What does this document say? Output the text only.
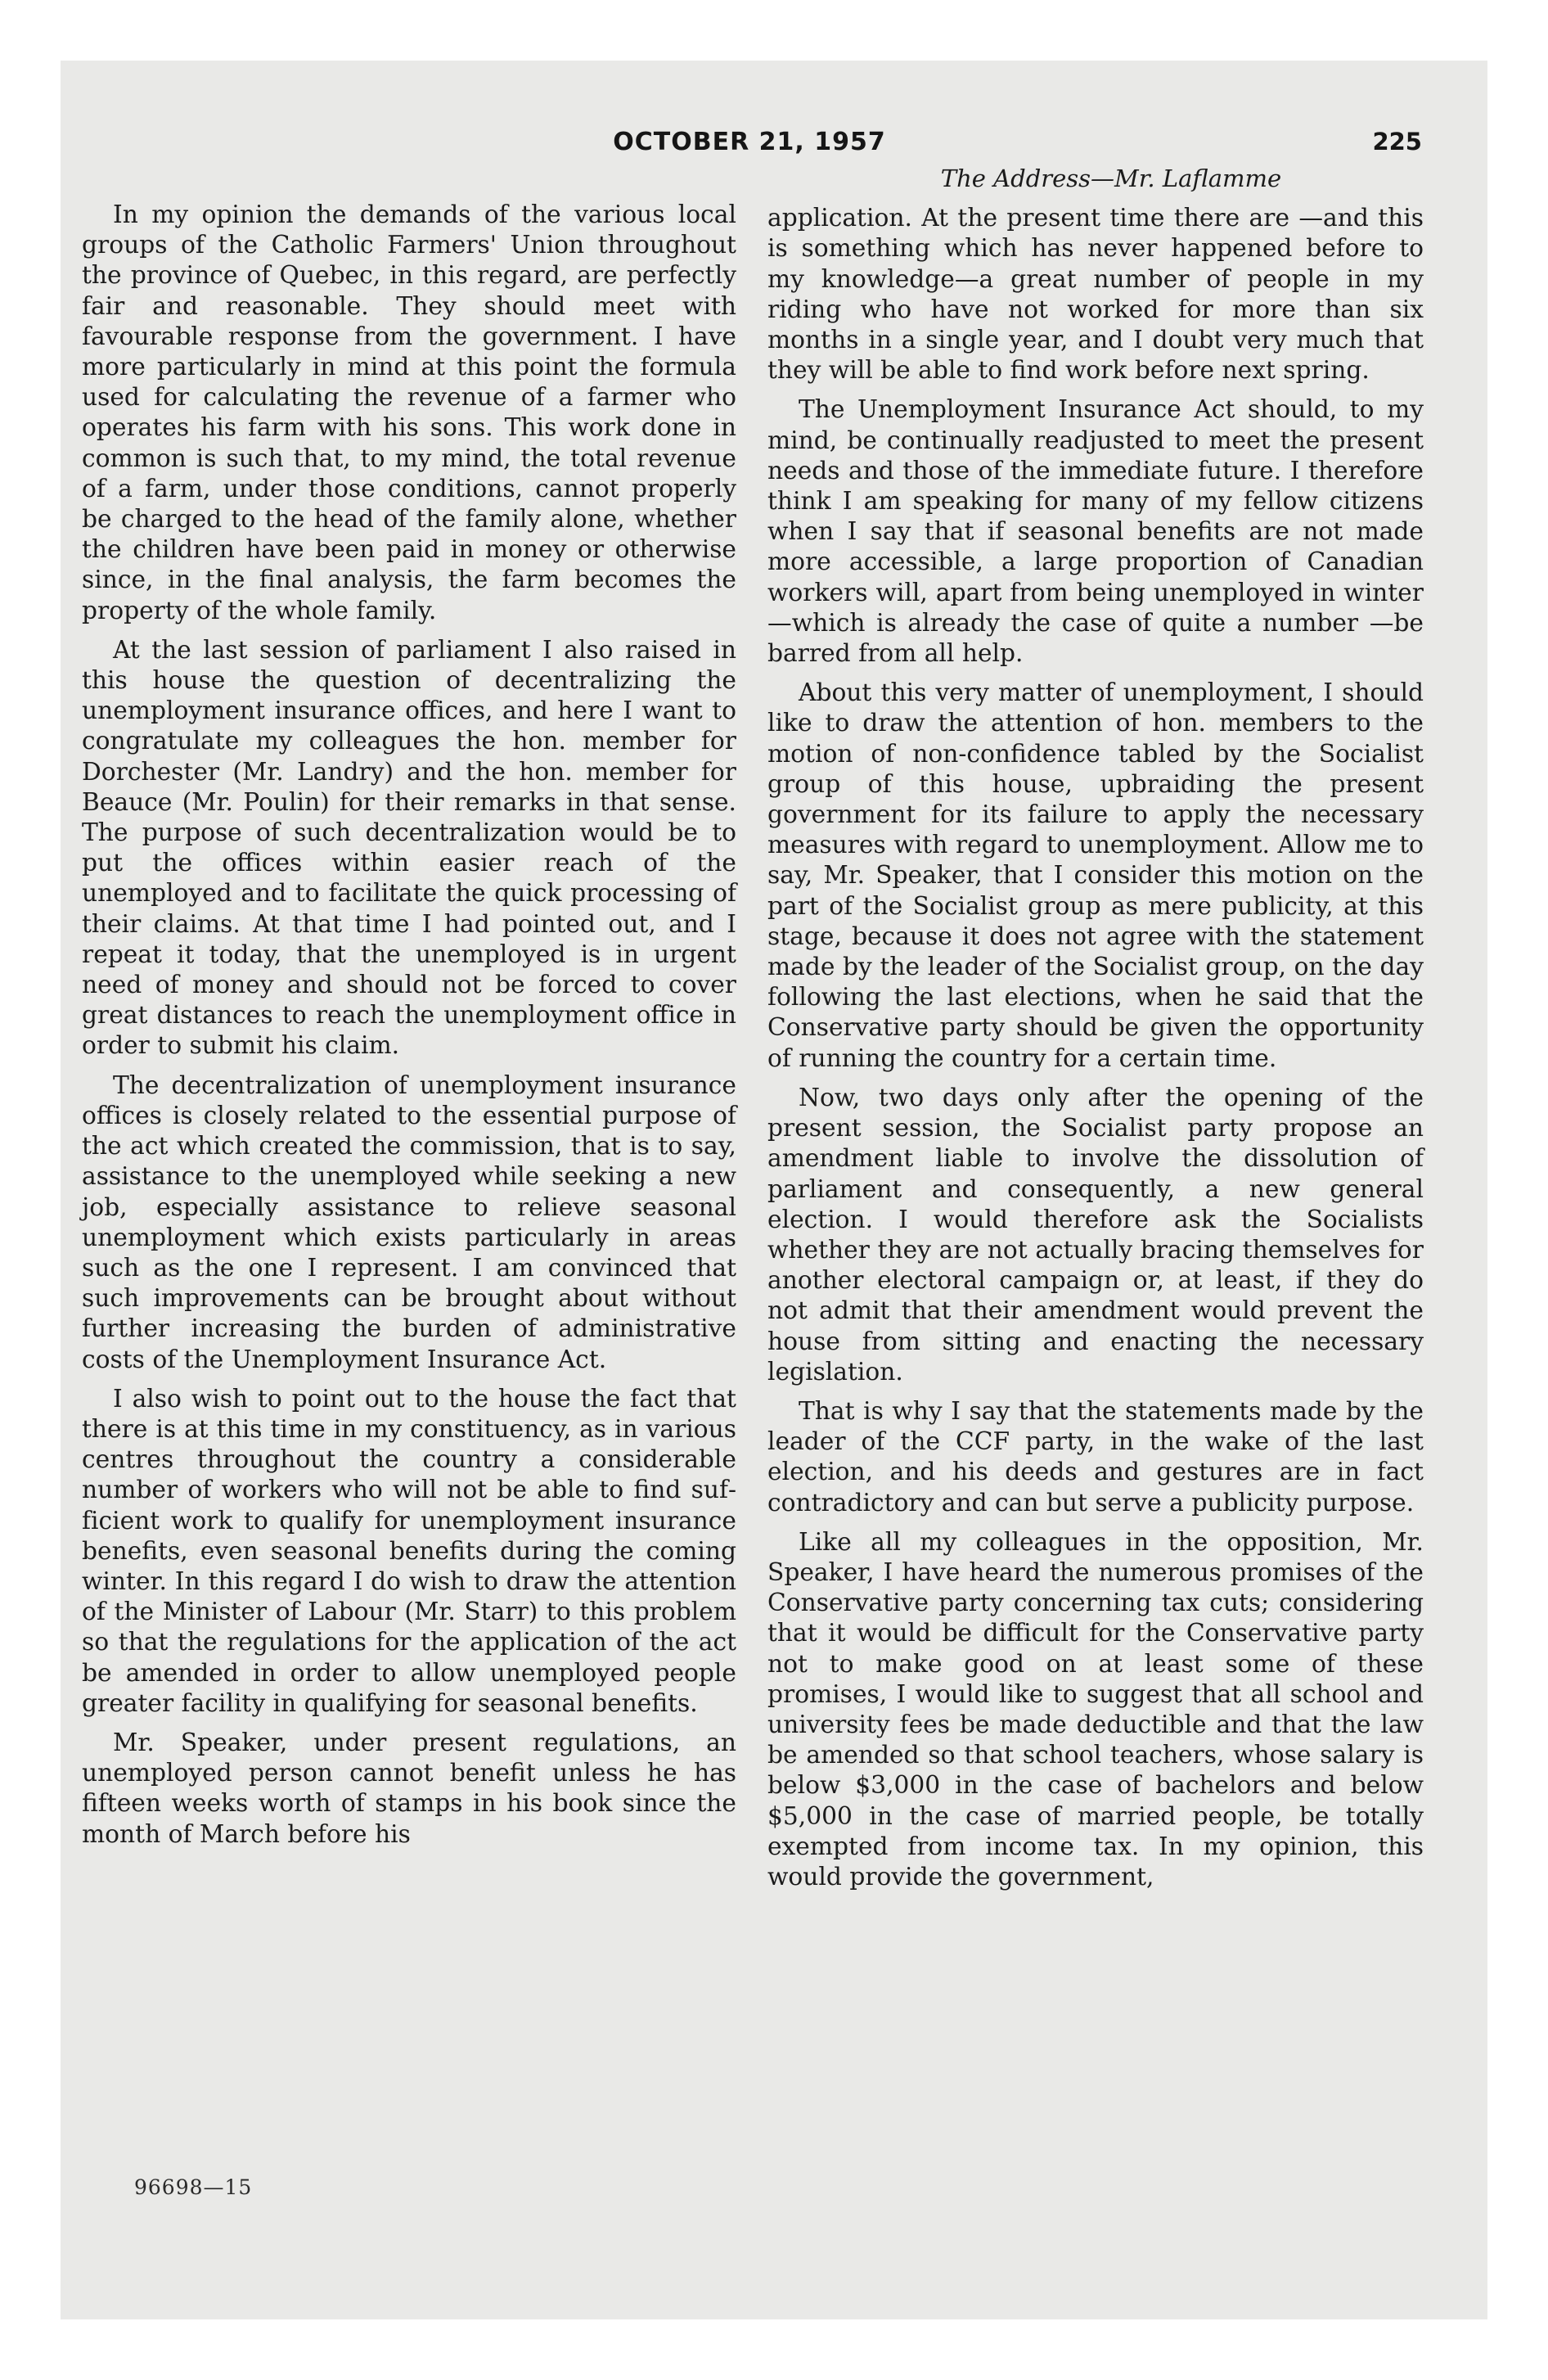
OCTOBER 21, 1957	225

In my opinion the demands of the various local groups of the Catholic Farmers' Union throughout the province of Quebec, in this regard, are perfectly fair and reasonable. They should meet with favourable response from the government. I have more particularly in mind at this point the formula used for calculating the revenue of a farmer who operates his farm with his sons. This work done in common is such that, to my mind, the total revenue of a farm, under those conditions, cannot properly be charged to the head of the family alone, whether the children have been paid in money or otherwise since, in the final analysis, the farm becomes the property of the whole family.

At the last session of parliament I also raised in this house the question of decentralizing the unemployment insurance offices, and here I want to congratulate my colleagues the hon. member for Dorchester (Mr. Landry) and the hon. member for Beauce (Mr. Poulin) for their remarks in that sense. The purpose of such decentralization would be to put the offices within easier reach of the unemployed and to facilitate the quick processing of their claims. At that time I had pointed out, and I repeat it today, that the unemployed is in urgent need of money and should not be forced to cover great distances to reach the unemployment office in order to submit his claim.

The decentralization of unemployment insurance offices is closely related to the essential purpose of the act which created the commission, that is to say, assistance to the unemployed while seeking a new job, especially assistance to relieve seasonal unemployment which exists particularly in areas such as the one I represent. I am convinced that such improvements can be brought about without further increasing the burden of administrative costs of the Unemployment Insurance Act.

I also wish to point out to the house the fact that there is at this time in my constituency, as in various centres throughout the country a considerable number of workers who will not be able to find sufficient work to qualify for unemployment insurance benefits, even seasonal benefits during the coming winter. In this regard I do wish to draw the attention of the Minister of Labour (Mr. Starr) to this problem so that the regulations for the application of the act be amended in order to allow unemployed people greater facility in qualifying for seasonal benefits.

Mr. Speaker, under present regulations, an unemployed person cannot benefit unless he has fifteen weeks worth of stamps in his book since the month of March before his

The Address—Mr. Laflamme

application. At the present time there are —and this is something which has never happened before to my knowledge—a great number of people in my riding who have not worked for more than six months in a single year, and I doubt very much that they will be able to find work before next spring.

The Unemployment Insurance Act should, to my mind, be continually readjusted to meet the present needs and those of the immediate future. I therefore think I am speaking for many of my fellow citizens when I say that if seasonal benefits are not made more accessible, a large proportion of Canadian workers will, apart from being unemployed in winter —which is already the case of quite a number —be barred from all help.

About this very matter of unemployment, I should like to draw the attention of hon. members to the motion of non-confidence tabled by the Socialist group of this house, upbraiding the present government for its failure to apply the necessary measures with regard to unemployment. Allow me to say, Mr. Speaker, that I consider this motion on the part of the Socialist group as mere publicity, at this stage, because it does not agree with the statement made by the leader of the Socialist group, on the day following the last elections, when he said that the Conservative party should be given the opportunity of running the country for a certain time.

Now, two days only after the opening of the present session, the Socialist party propose an amendment liable to involve the dissolution of parliament and consequently, a new general election. I would therefore ask the Socialists whether they are not actually bracing themselves for another electoral campaign or, at least, if they do not admit that their amendment would prevent the house from sitting and enacting the necessary legislation.

That is why I say that the statements made by the leader of the CCF party, in the wake of the last election, and his deeds and gestures are in fact contradictory and can but serve a publicity purpose.

Like all my colleagues in the opposition, Mr. Speaker, I have heard the numerous promises of the Conservative party concerning tax cuts; considering that it would be difficult for the Conservative party not to make good on at least some of these promises, I would like to suggest that all school and university fees be made deductible and that the law be amended so that school teachers, whose salary is below $3,000 in the case of bachelors and below $5,000 in the case of married people, be totally exempted from income tax. In my opinion, this would provide the government,

96698—15
